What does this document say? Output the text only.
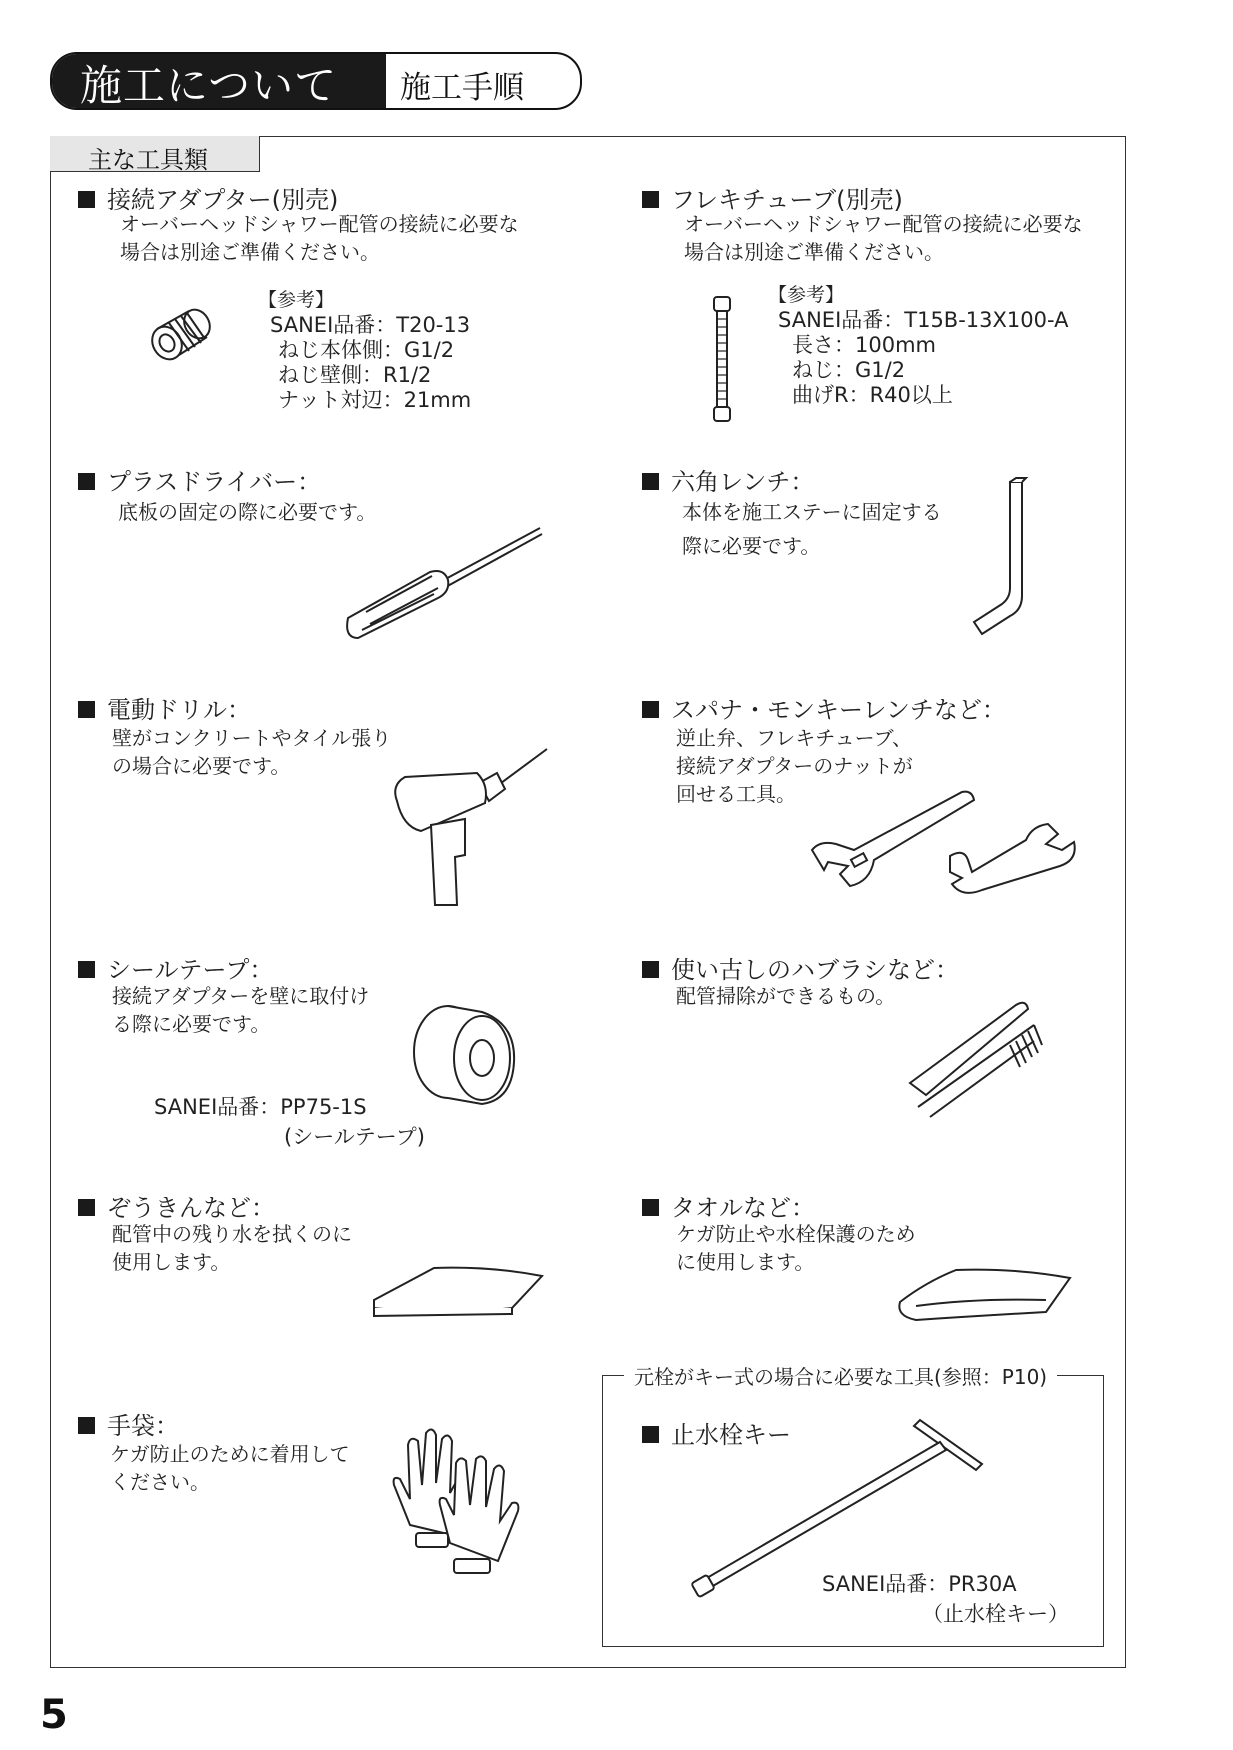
施工について 施工手順
主な工具類
接続アダプター(別売)
オーバーヘッドシャワー配管の接続に必要な
場合は別途ご準備ください。
【参考】
SANEI品番：T20-13
ねじ本体側：G1/2
ねじ壁側：R1/2
ナット対辺：21mm
フレキチューブ(別売)
オーバーヘッドシャワー配管の接続に必要な
場合は別途ご準備ください。
【参考】
SANEI品番：T15B-13X100-A
長さ：100mm
ねじ：G1/2
曲げR：R40以上
プラスドライバー：
底板の固定の際に必要です。
六角レンチ：
本体を施工ステーに固定する
際に必要です。
電動ドリル：
壁がコンクリートやタイル張り
の場合に必要です。
スパナ・モンキーレンチなど：
逆止弁、フレキチューブ、
接続アダプターのナットが
回せる工具。
シールテープ：
接続アダプターを壁に取付け
る際に必要です。
SANEI品番：PP75-1S
(シールテープ)
使い古しのハブラシなど：
配管掃除ができるもの。
ぞうきんなど：
配管中の残り水を拭くのに
使用します。
タオルなど：
ケガ防止や水栓保護のため
に使用します。
手袋：
ケガ防止のために着用して
ください。
元栓がキー式の場合に必要な工具(参照：P10)
止水栓キー
SANEI品番：PR30A
（止水栓キー）
5
